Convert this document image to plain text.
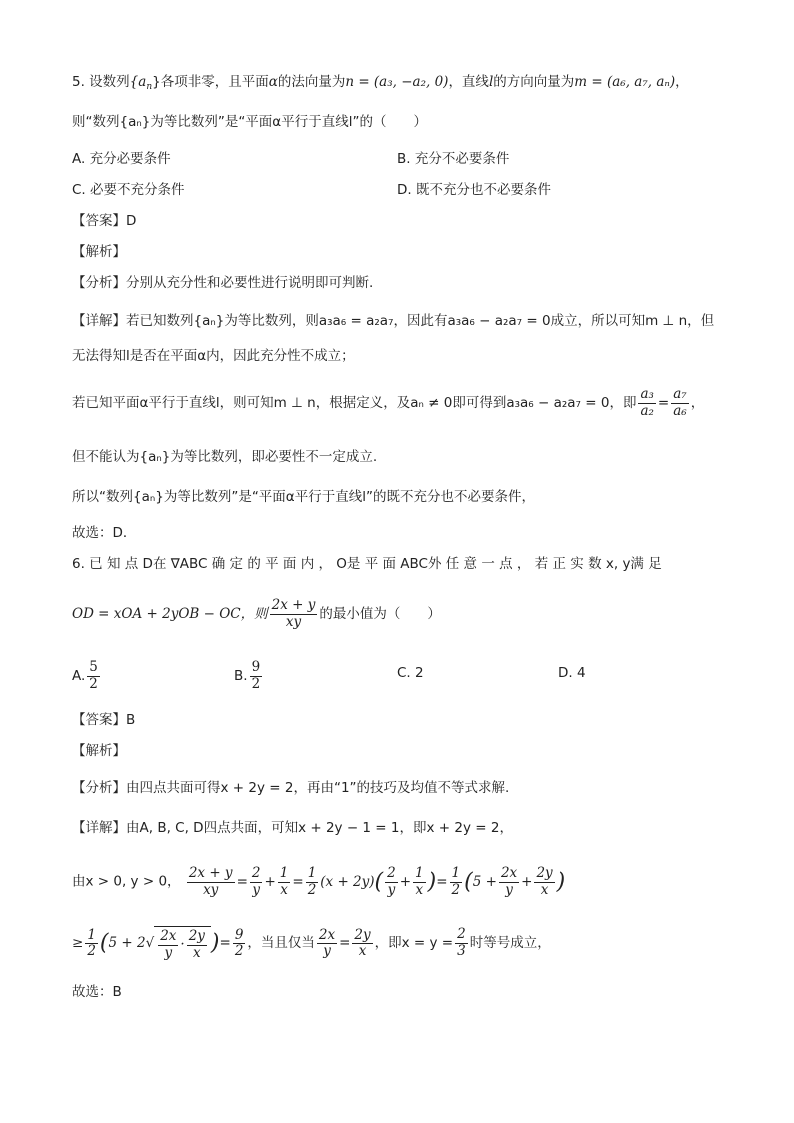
5. 设数列$\{a_n\}$各项非零，且平面α的法向量为n = (a₃, −a₂, 0)，直线l的方向向量为m = (a₆, a₇, aₙ)，
则“数列{aₙ}为等比数列”是“平面α平行于直线l”的（　　）
A. 充分必要条件	B. 充分不必要条件
C. 必要不充分条件	D. 既不充分也不必要条件
【答案】D
【解析】
【分析】分别从充分性和必要性进行说明即可判断.
【详解】若已知数列{aₙ}为等比数列，则a₃a₆ = a₂a₇，因此有a₃a₆ − a₂a₇ = 0成立，所以可知m ⊥ n，但
无法得知l是否在平面α内，因此充分性不成立；
若已知平面α平行于直线l，则可知m ⊥ n，根据定义，及aₙ ≠ 0即可得到a₃a₆ − a₂a₇ = 0，即 $\frac{\text{a₃}}{\text{a₂}} = \frac{\text{a₇}}{\text{a₆}}$ ，
但不能认为{aₙ}为等比数列，即必要性不一定成立.
所以“数列{aₙ}为等比数列”是“平面α平行于直线l”的既不充分也不必要条件，
故选：D．
6. 已 知 点 D在 ∇ABC 确 定 的 平 面 内 ， O是 平 面 ABC外 任 意 一 点 ， 若 正 实 数 x, y满 足
OD = xOA + 2yOB − OC，则 $\frac{2x + y}{xy}$ 的最小值为（　　）
A. $\frac{5}{2}$	B. $\frac{9}{2}$	C. 2	D. 4
【答案】B
【解析】
【分析】由四点共面可得x + 2y = 2，再由“1”的技巧及均值不等式求解.
【详解】由A, B, C, D四点共面，可知x + 2y − 1 = 1，即x + 2y = 2，
由x > 0, y > 0， $\frac{2x + y}{xy} = \frac{2}{y} + \frac{1}{x} = \frac{1}{2} (x + 2y)( \frac{2}{y} + \frac{1}{x}$ )= $\frac{1}{2} (5 + \frac{2x}{y} + \frac{2y}{x}$ )
≥ $\frac{1}{2} (5 + 2√ \frac{2x}{y} \cdot \frac{2y}{x}$ )= $\frac{9}{2}$ ，当且仅当 $\frac{2x}{y} = \frac{2y}{x}$ ，即$x = y = \frac{2}{3}$ 时等号成立，
故选：B
